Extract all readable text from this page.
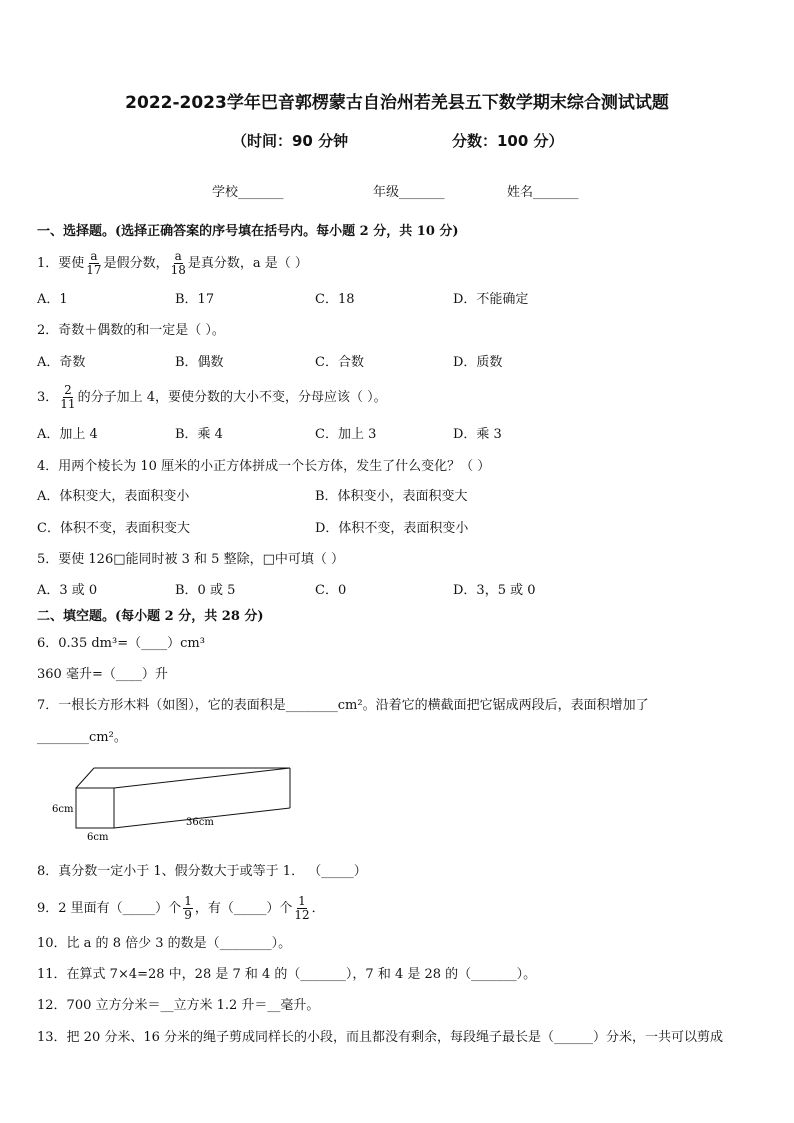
2022-2023学年巴音郭楞蒙古自治州若羌县五下数学期末综合测试试题
（时间：90 分钟	分数：100 分）
学校_______	年级_______	姓名_______
一、选择题。(选择正确答案的序号填在括号内。每小题 2 分，共 10 分)
1．要使 $\frac{a}{17}$ 是假分数， $\frac{a}{18}$ 是真分数，a 是（ ）
A．1	B．17	C．18	D．不能确定
2．奇数＋偶数的和一定是（ ）。
A．奇数	B．偶数	C．合数	D．质数
3． $\frac{2}{11}$ 的分子加上 4，要使分数的大小不变，分母应该（ ）。
A．加上 4	B．乘 4	C．加上 3	D．乘 3
4．用两个棱长为 10 厘米的小正方体拼成一个长方体，发生了什么变化？（ ）
A．体积变大，表面积变小	B．体积变小，表面积变大
C．体积不变，表面积变大	D．体积不变，表面积变小
5．要使 126□能同时被 3 和 5 整除，□中可填（ ）
A．3 或 0	B．0 或 5	C．0	D．3，5 或 0
二、填空题。(每小题 2 分，共 28 分)
6．0.35 dm³=（____）cm³
360 毫升=（____）升
7．一根长方形木料（如图），它的表面积是________cm²。沿着它的横截面把它锯成两段后，表面积增加了
________cm²。
6cm
6cm
36cm
8．真分数一定小于 1、假分数大于或等于 1． （_____）
9．2 里面有（_____）个 $\frac{1}{9}$ ，有（_____）个 $\frac{1}{12}$ ．
10．比 a 的 8 倍少 3 的数是（________）。
11．在算式 7×4=28 中，28 是 7 和 4 的（_______），7 和 4 是 28 的（_______）。
12．700 立方分米＝__立方米 1.2 升＝__毫升。
13．把 20 分米、16 分米的绳子剪成同样长的小段，而且都没有剩余，每段绳子最长是（______）分米，一共可以剪成
